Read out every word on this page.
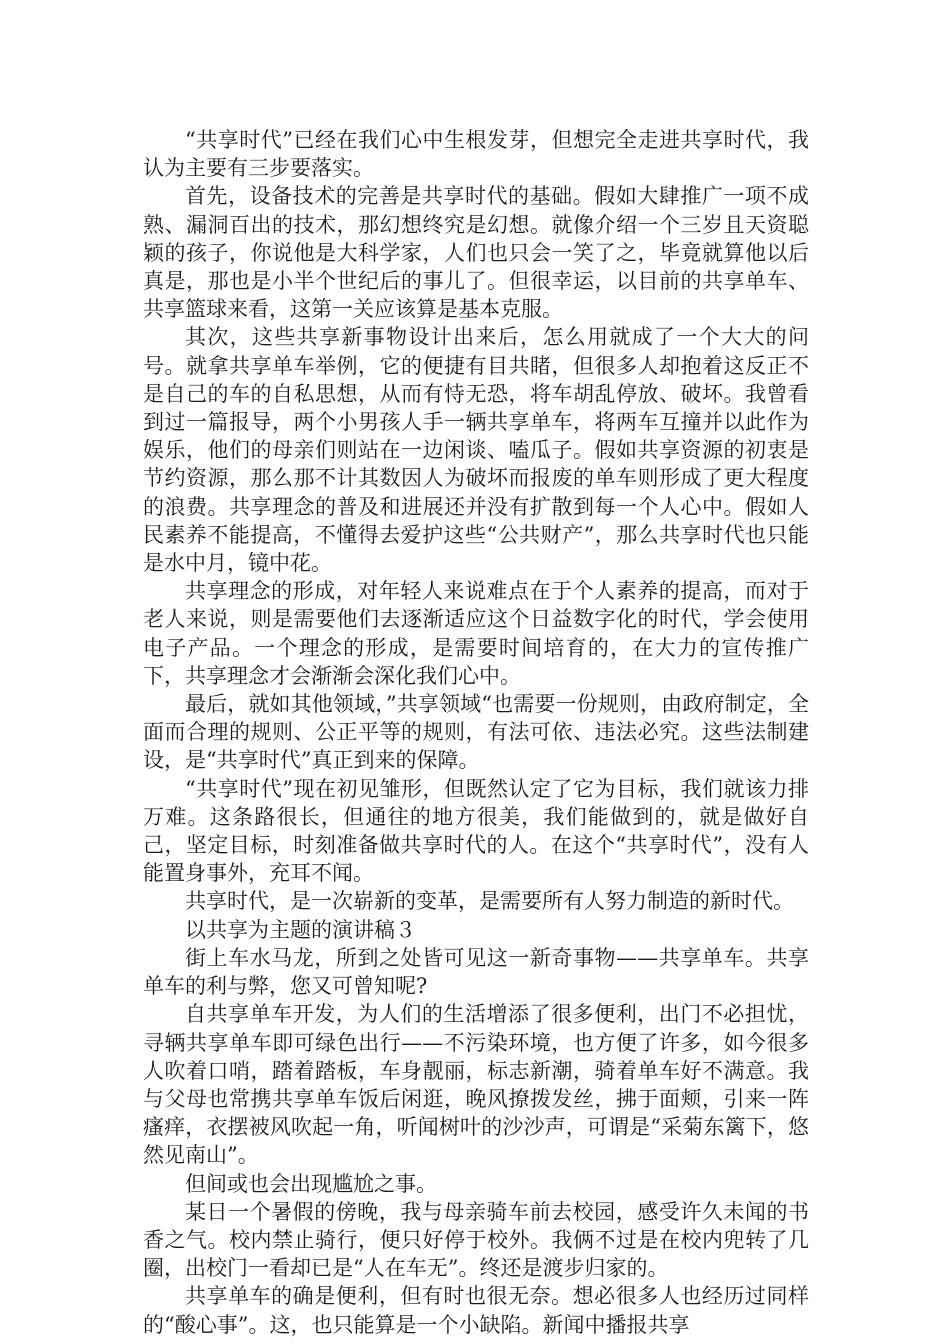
“共享时代”已经在我们心中生根发芽，但想完全走进共享时代，我认为主要有三步要落实。

首先，设备技术的完善是共享时代的基础。假如大肆推广一项不成熟、漏洞百出的技术，那幻想终究是幻想。就像介绍一个三岁且天资聪颖的孩子，你说他是大科学家，人们也只会一笑了之，毕竟就算他以后真是，那也是小半个世纪后的事儿了。但很幸运，以目前的共享单车、共享篮球来看，这第一关应该算是基本克服。

其次，这些共享新事物设计出来后，怎么用就成了一个大大的问号。就拿共享单车举例，它的便捷有目共睹，但很多人却抱着这反正不是自己的车的自私思想，从而有恃无恐，将车胡乱停放、破坏。我曾看到过一篇报导，两个小男孩人手一辆共享单车，将两车互撞并以此作为娱乐，他们的母亲们则站在一边闲谈、嗑瓜子。假如共享资源的初衷是节约资源，那么那不计其数因人为破坏而报废的单车则形成了更大程度的浪费。共享理念的普及和进展还并没有扩散到每一个人心中。假如人民素养不能提高，不懂得去爱护这些“公共财产”，那么共享时代也只能是水中月，镜中花。

共享理念的形成，对年轻人来说难点在于个人素养的提高，而对于老人来说，则是需要他们去逐渐适应这个日益数字化的时代，学会使用电子产品。一个理念的形成，是需要时间培育的，在大力的宣传推广下，共享理念才会渐渐会深化我们心中。

最后，就如其他领域，”共享领域“也需要一份规则，由政府制定，全面而合理的规则、公正平等的规则，有法可依、违法必究。这些法制建设，是“共享时代”真正到来的保障。

“共享时代”现在初见雏形，但既然认定了它为目标，我们就该力排万难。这条路很长，但通往的地方很美，我们能做到的，就是做好自己，坚定目标，时刻准备做共享时代的人。在这个“共享时代”，没有人能置身事外，充耳不闻。

共享时代，是一次崭新的变革，是需要所有人努力制造的新时代。

以共享为主题的演讲稿３

街上车水马龙，所到之处皆可见这一新奇事物——共享单车。共享单车的利与弊，您又可曾知呢?

自共享单车开发，为人们的生活增添了很多便利，出门不必担忧，寻辆共享单车即可绿色出行——不污染环境，也方便了许多，如今很多人吹着口哨，踏着踏板，车身靓丽，标志新潮，骑着单车好不满意。我与父母也常携共享单车饭后闲逛，晚风撩拨发丝，拂于面颊，引来一阵瘙痒，衣摆被风吹起一角，听闻树叶的沙沙声，可谓是“采菊东篱下，悠然见南山”。

但间或也会出现尴尬之事。

某日一个暑假的傍晚，我与母亲骑车前去校园，感受许久未闻的书香之气。校内禁止骑行，便只好停于校外。我俩不过是在校内兜转了几圈，出校门一看却已是“人在车无”。终还是渡步归家的。

共享单车的确是便利，但有时也很无奈。想必很多人也经历过同样的“酸心事”。这，也只能算是一个小缺陷。新闻中播报共享
